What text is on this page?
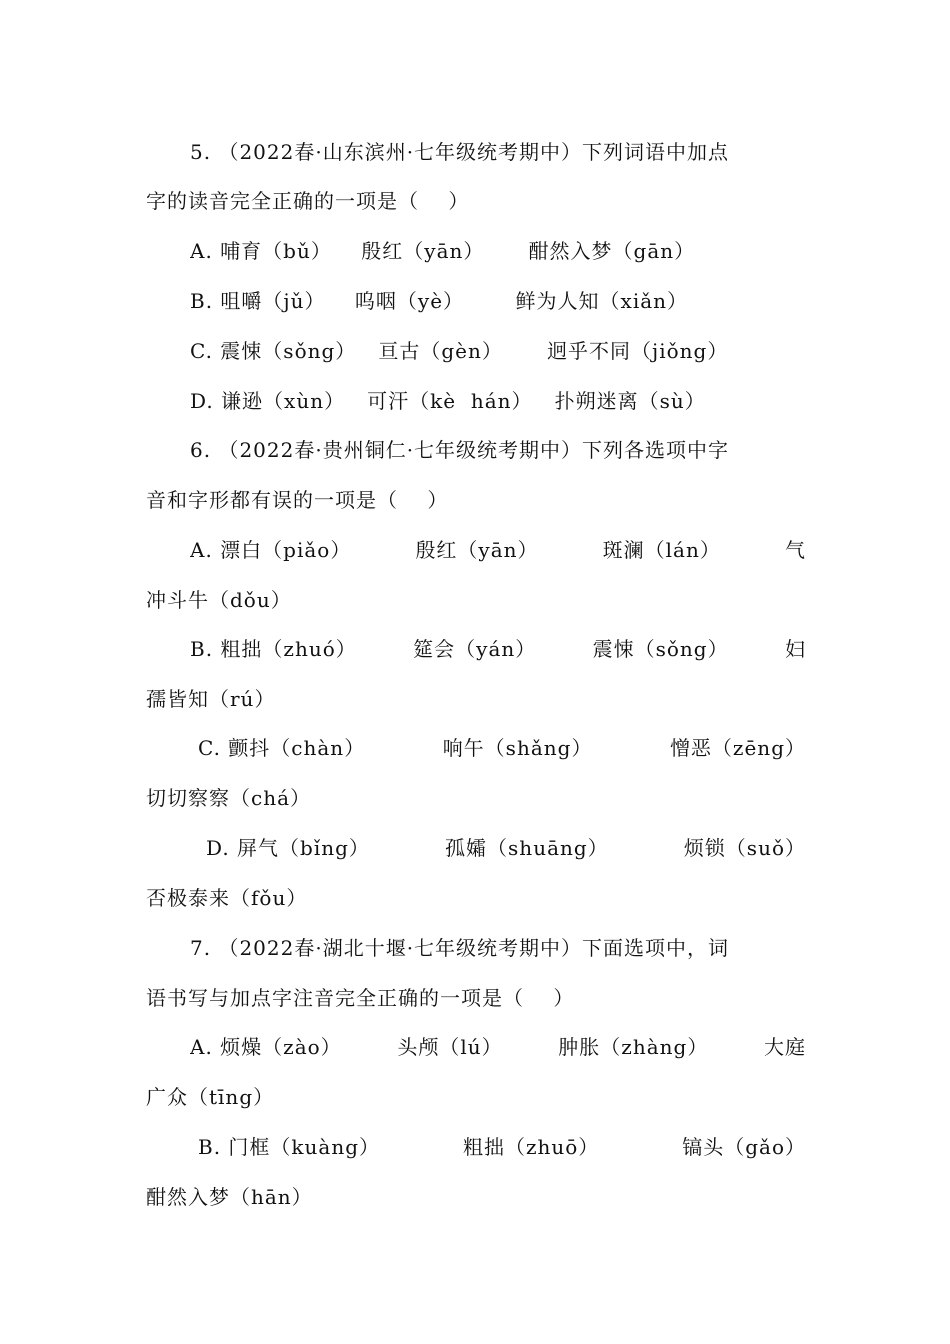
5. （2022春·山东滨州·七年级统考期中）下列词语中加点
字的读音完全正确的一项是（    ）
A. 哺育（bǔ）    殷红（yān）      酣然入梦（gān）
B. 咀嚼（jǔ）    呜咽（yè）       鲜为人知（xiǎn）
C. 震悚（sǒng）   亘古（gèn）      迥乎不同（jiǒng）
D. 谦逊（xùn）   可汗（kè  hán）   扑朔迷离（sù）
6. （2022春·贵州铜仁·七年级统考期中）下列各选项中字
音和字形都有误的一项是（    ）
A. 漂白（piǎo）	殷红（yān）	斑澜（lán）	气
冲斗牛（dǒu）
B. 粗拙（zhuó）	筵会（yán）	震悚（sǒng）	妇
孺皆知（rú）
C. 颤抖（chàn）	响午（shǎng）	憎恶（zēng）
切切察察（chá）
D. 屏气（bǐng）	孤孀（shuāng）	烦锁（suǒ）
否极泰来（fǒu）
7. （2022春·湖北十堰·七年级统考期中）下面选项中，词
语书写与加点字注音完全正确的一项是（    ）
A. 烦燥（zào）	头颅（lú）	肿胀（zhàng）	大庭
广众（tīng）
B. 门框（kuàng）	粗拙（zhuō）	镐头（gǎo）
酣然入梦（hān）
